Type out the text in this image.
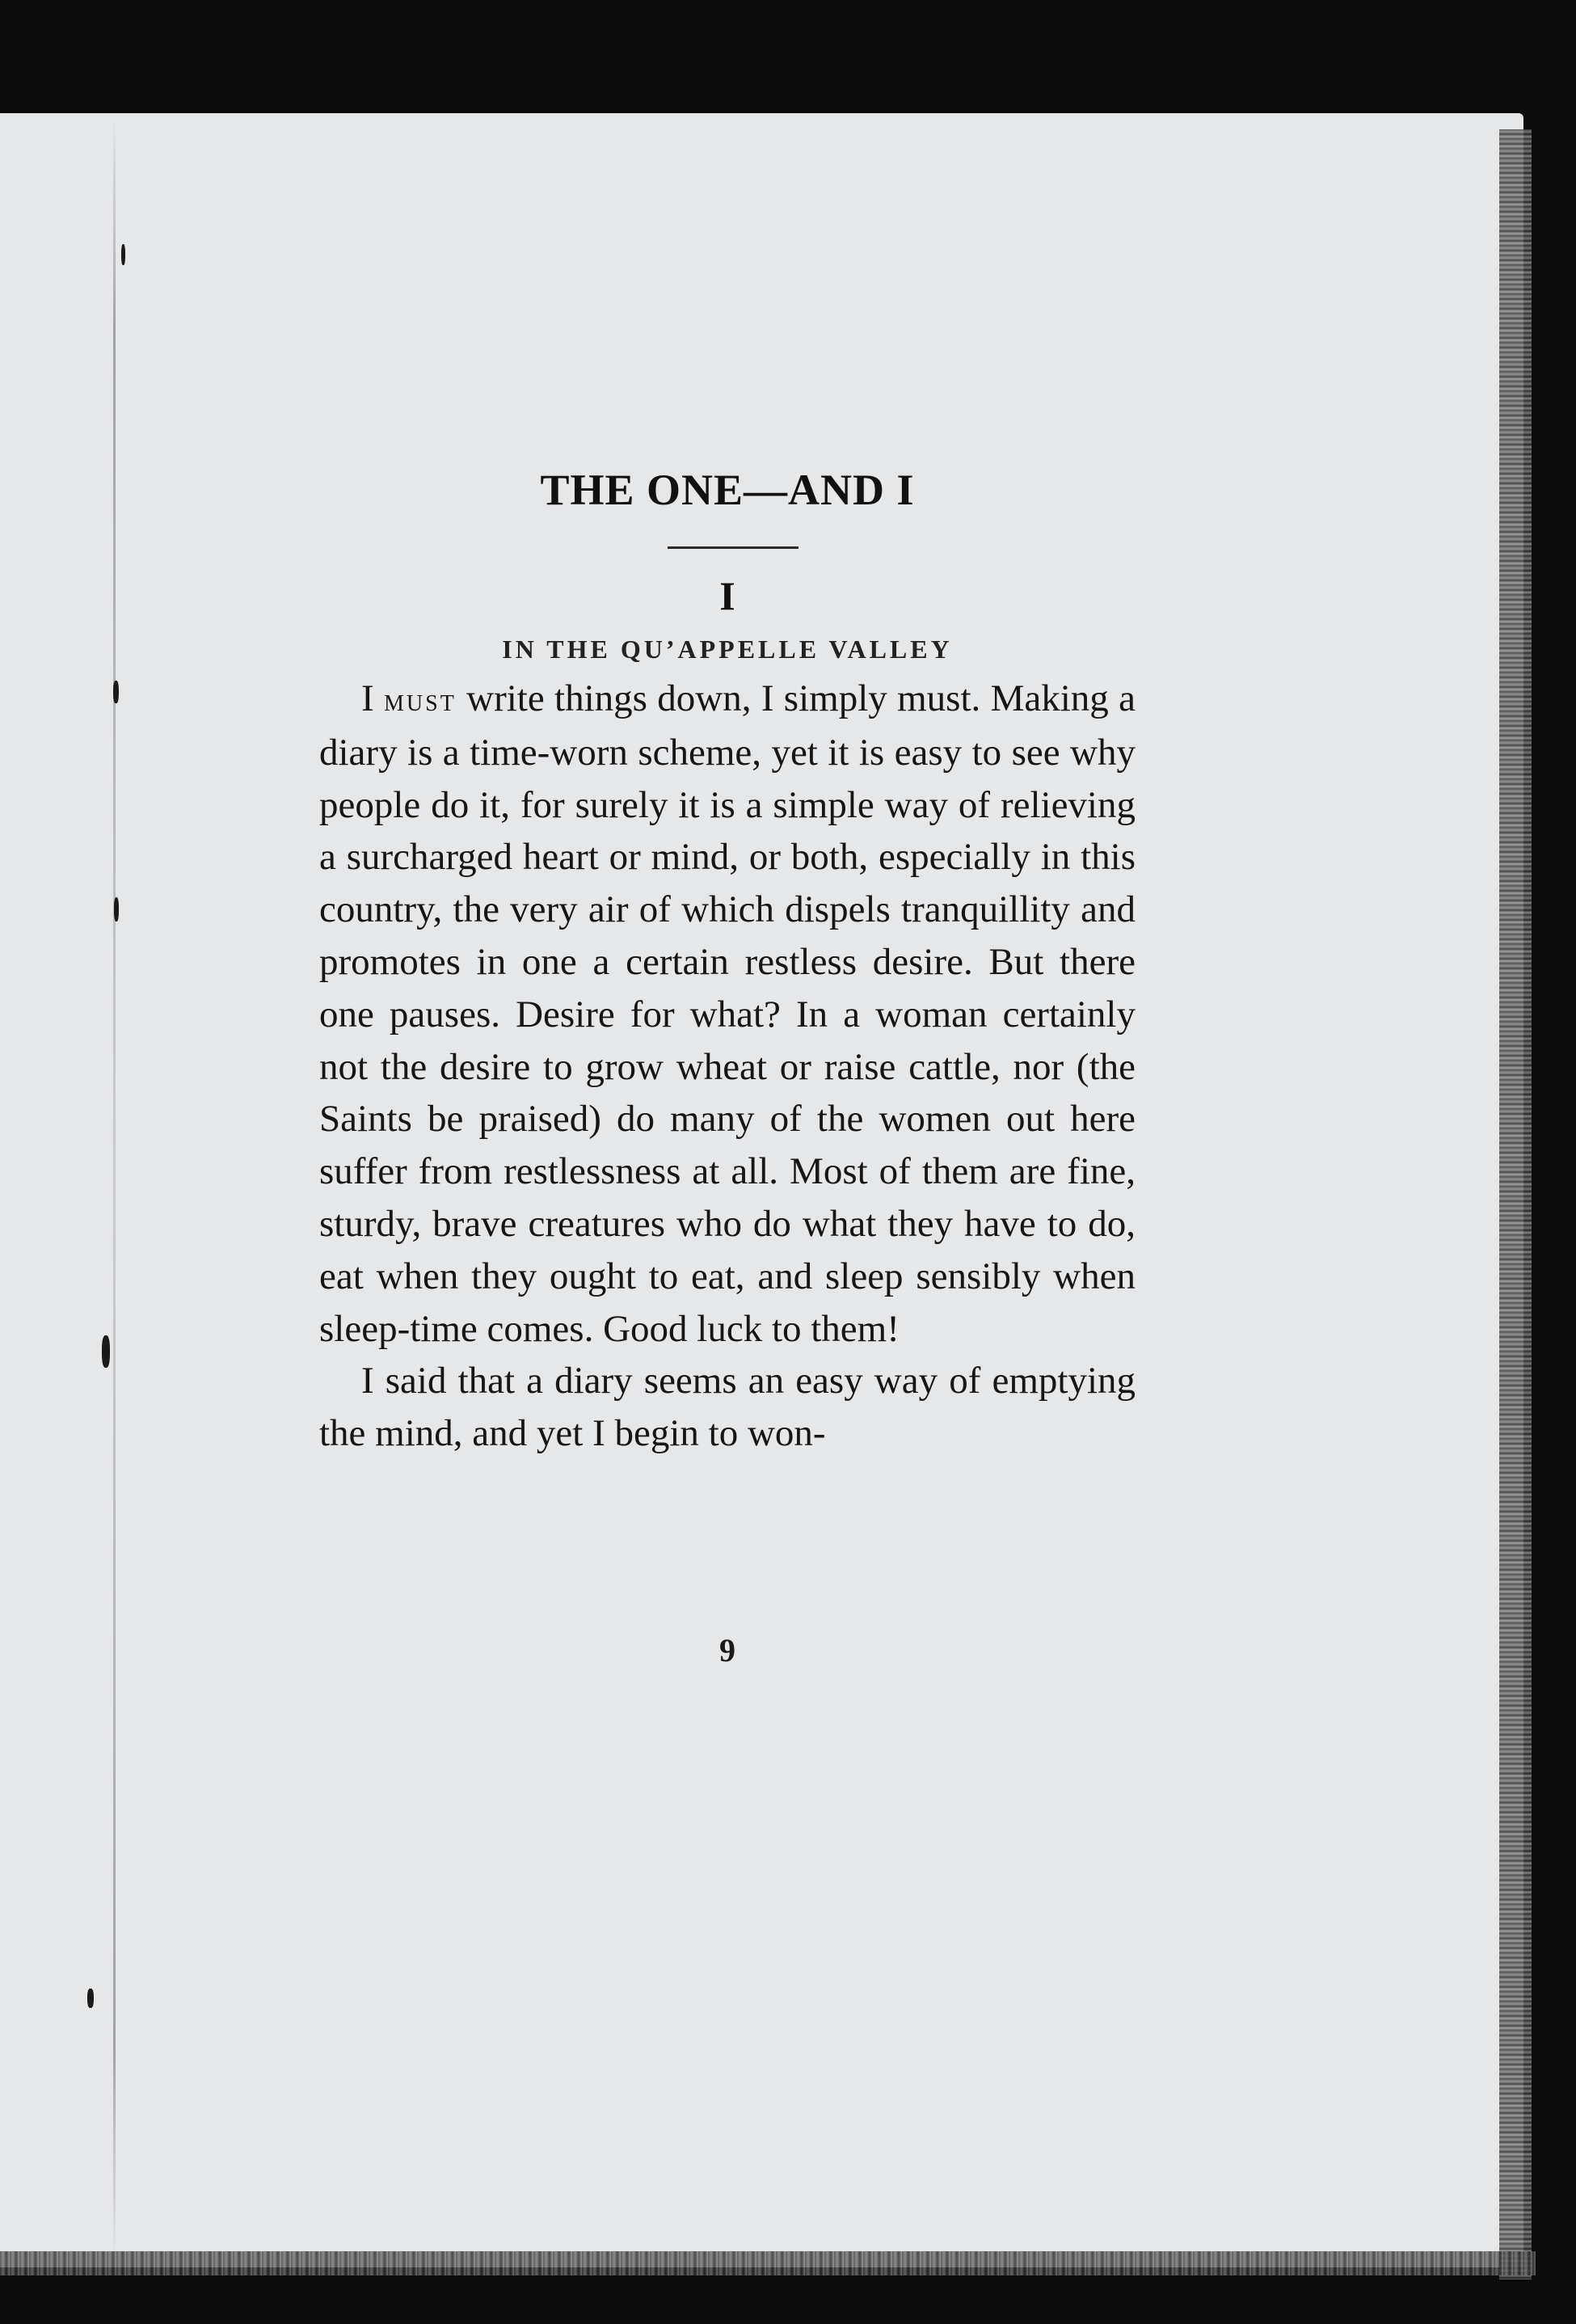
THE ONE—AND I
I
IN THE QU’APPELLE VALLEY

I must write things down, I simply must. Making a diary is a time-worn scheme, yet it is easy to see why people do it, for surely it is a simple way of relieving a surcharged heart or mind, or both, especially in this country, the very air of which dispels tranquillity and promotes in one a certain restless desire. But there one pauses. Desire for what? In a woman certainly not the desire to grow wheat or raise cattle, nor (the Saints be praised) do many of the women out here suffer from restlessness at all. Most of them are fine, sturdy, brave creatures who do what they have to do, eat when they ought to eat, and sleep sensibly when sleep-time comes. Good luck to them!

I said that a diary seems an easy way of emptying the mind, and yet I begin to won-

9
